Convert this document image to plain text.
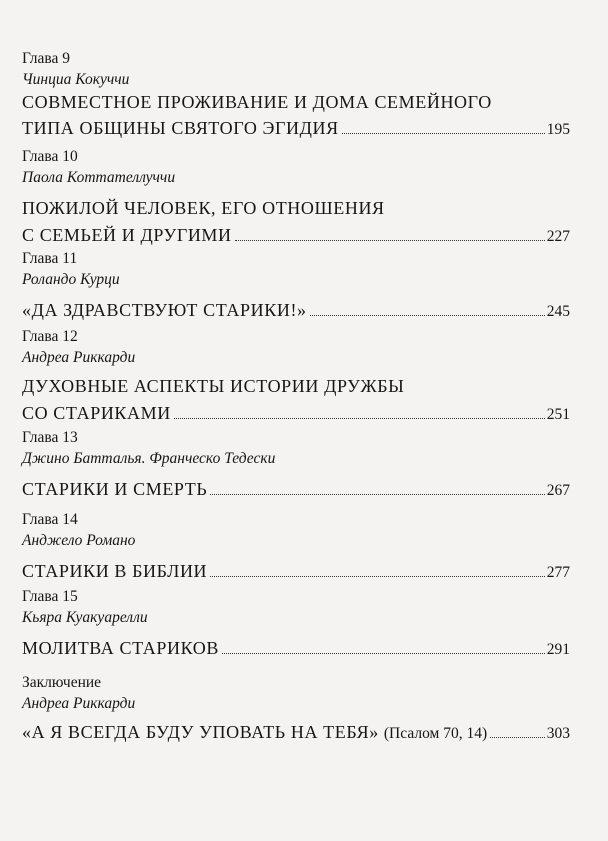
Глава 9
Чинциа Кокуччи
СОВМЕСТНОЕ ПРОЖИВАНИЕ И ДОМА СЕМЕЙНОГО
ТИПА ОБЩИНЫ СВЯТОГО ЭГИДИЯ	195
Глава 10
Паола Коттателлуччи
ПОЖИЛОЙ ЧЕЛОВЕК, ЕГО ОТНОШЕНИЯ
С СЕМЬЕЙ И ДРУГИМИ	227
Глава 11
Роландо Курци
«ДА ЗДРАВСТВУЮТ СТАРИКИ!»	245
Глава 12
Андреа Риккарди
ДУХОВНЫЕ АСПЕКТЫ ИСТОРИИ ДРУЖБЫ
СО СТАРИКАМИ	251
Глава 13
Джино Батталья. Франческо Тедески
СТАРИКИ И СМЕРТЬ	267
Глава 14
Анджело Романо
СТАРИКИ В БИБЛИИ	277
Глава 15
Кьяра Куакуарелли
МОЛИТВА СТАРИКОВ	291
Заключение
Андреа Риккарди
«А Я ВСЕГДА БУДУ УПОВАТЬ НА ТЕБЯ» (Псалом 70, 14)	303
